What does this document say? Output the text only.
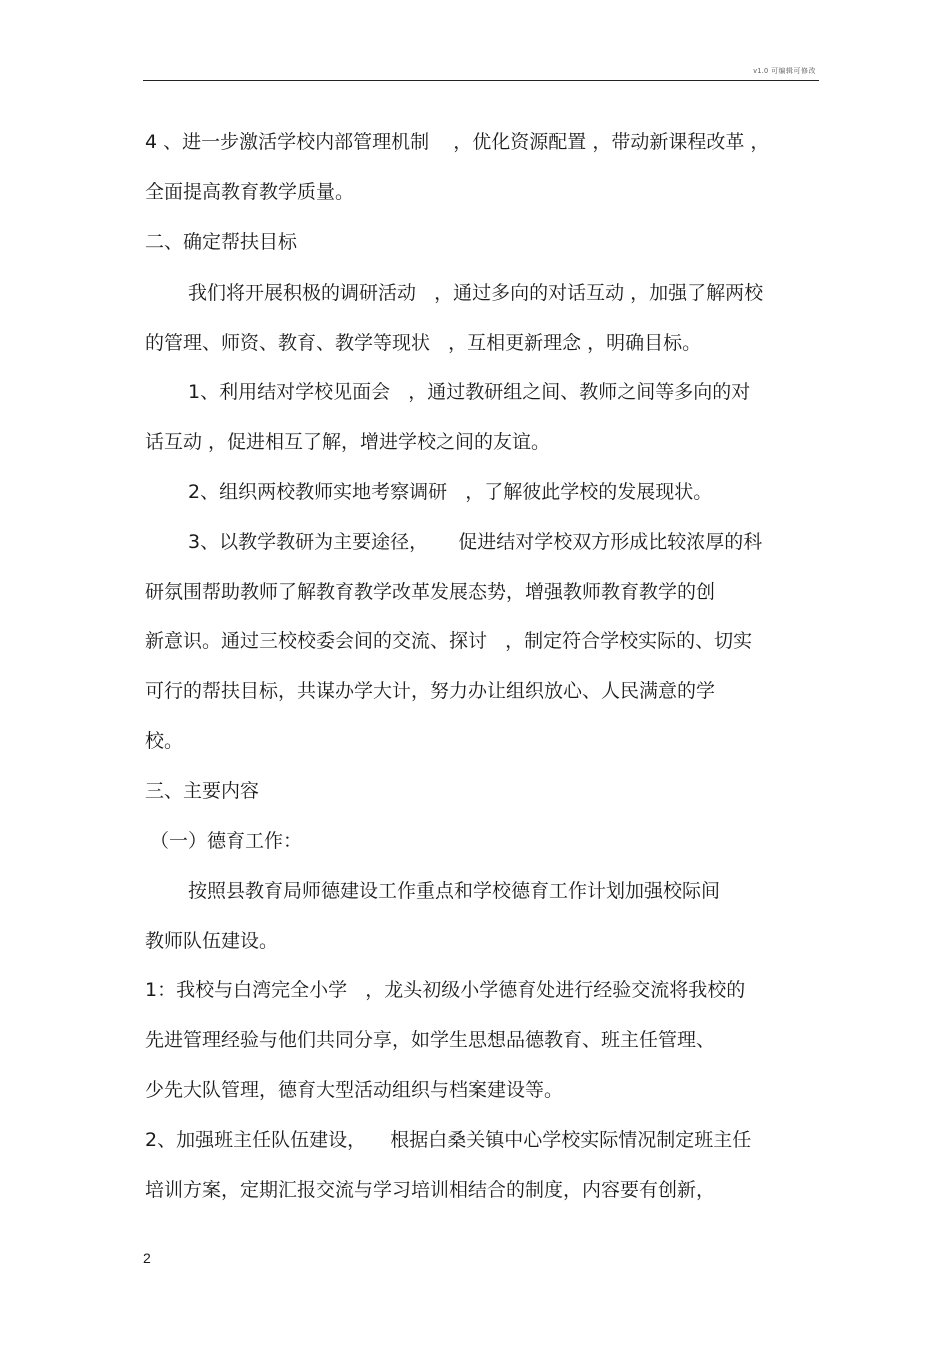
v1.0 可编辑可修改
4 、进一步激活学校内部管理机制    ，优化资源配置 ，带动新课程改革 ，
全面提高教育教学质量。
二、确定帮扶目标
我们将开展积极的调研活动   ，通过多向的对话互动 ，加强了解两校
的管理、师资、教育、教学等现状   ，互相更新理念 ，明确目标。
1、利用结对学校见面会   ，通过教研组之间、教师之间等多向的对
话互动 ，促进相互了解，增进学校之间的友谊。
2、组织两校教师实地考察调研   ，了解彼此学校的发展现状。
3、以教学教研为主要途径，     促进结对学校双方形成比较浓厚的科
研氛围帮助教师了解教育教学改革发展态势，增强教师教育教学的创
新意识。通过三校校委会间的交流、探讨   ，制定符合学校实际的、切实
可行的帮扶目标，共谋办学大计，努力办让组织放心、人民满意的学
校。
三、主要内容
（一）德育工作：
按照县教育局师德建设工作重点和学校德育工作计划加强校际间
教师队伍建设。
1：我校与白湾完全小学   ，龙头初级小学德育处进行经验交流将我校的
先进管理经验与他们共同分享，如学生思想品德教育、班主任管理、
少先大队管理，德育大型活动组织与档案建设等。
2、加强班主任队伍建设，    根据白桑关镇中心学校实际情况制定班主任
培训方案，定期汇报交流与学习培训相结合的制度，内容要有创新，
2
